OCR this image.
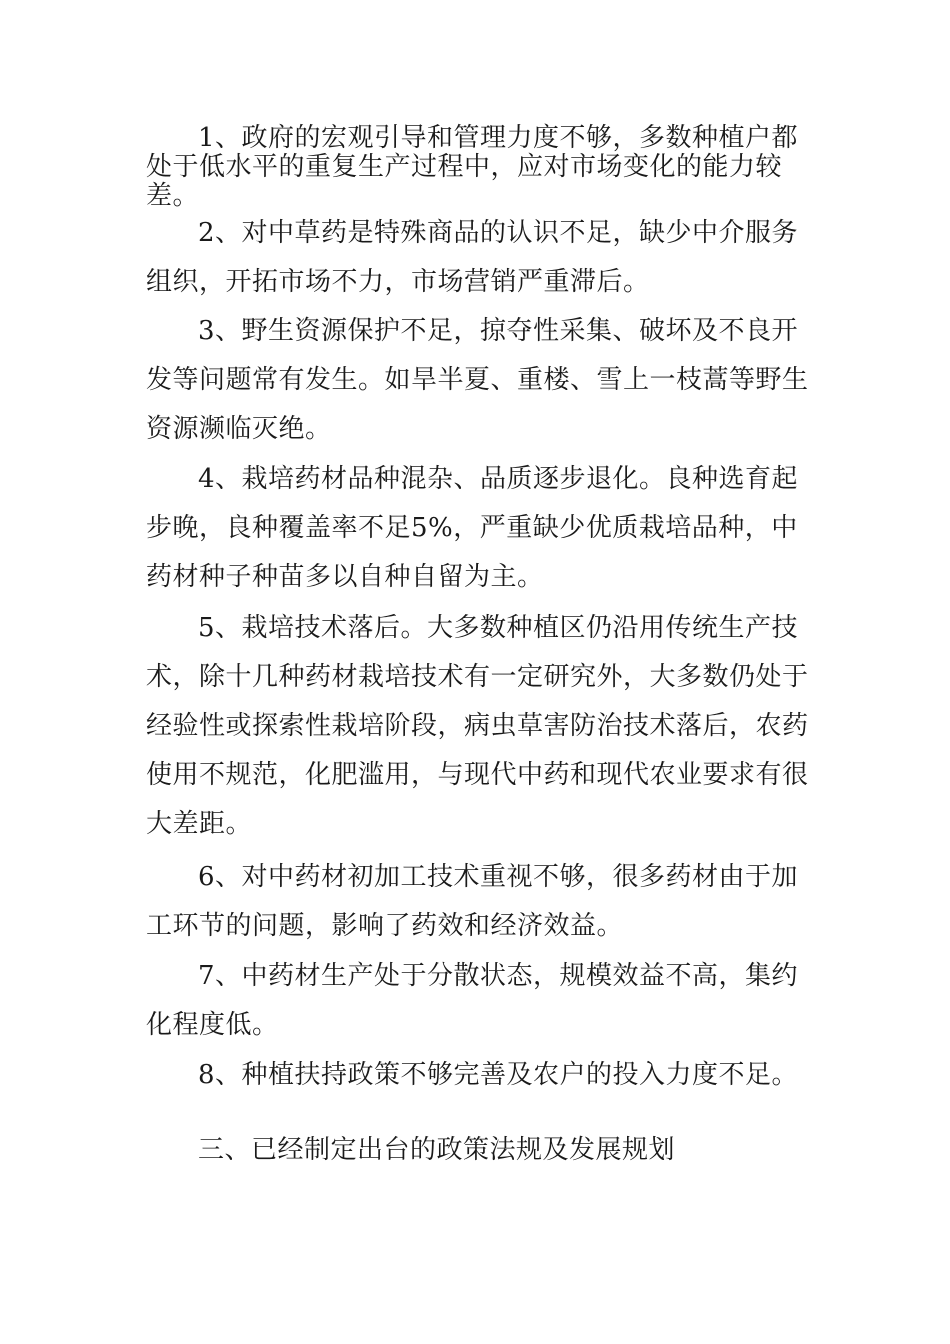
1、政府的宏观引导和管理力度不够，多数种植户都处于低水平的重复生产过程中，应对市场变化的能力较差。

2、对中草药是特殊商品的认识不足，缺少中介服务组织，开拓市场不力，市场营销严重滞后。

3、野生资源保护不足，掠夺性采集、破坏及不良开发等问题常有发生。如旱半夏、重楼、雪上一枝蒿等野生资源濒临灭绝。

4、栽培药材品种混杂、品质逐步退化。良种选育起步晚，良种覆盖率不足5%，严重缺少优质栽培品种，中药材种子种苗多以自种自留为主。

5、栽培技术落后。大多数种植区仍沿用传统生产技术，除十几种药材栽培技术有一定研究外，大多数仍处于经验性或探索性栽培阶段，病虫草害防治技术落后，农药使用不规范，化肥滥用，与现代中药和现代农业要求有很大差距。

6、对中药材初加工技术重视不够，很多药材由于加工环节的问题，影响了药效和经济效益。

7、中药材生产处于分散状态，规模效益不高，集约化程度低。

8、种植扶持政策不够完善及农户的投入力度不足。

三、已经制定出台的政策法规及发展规划
